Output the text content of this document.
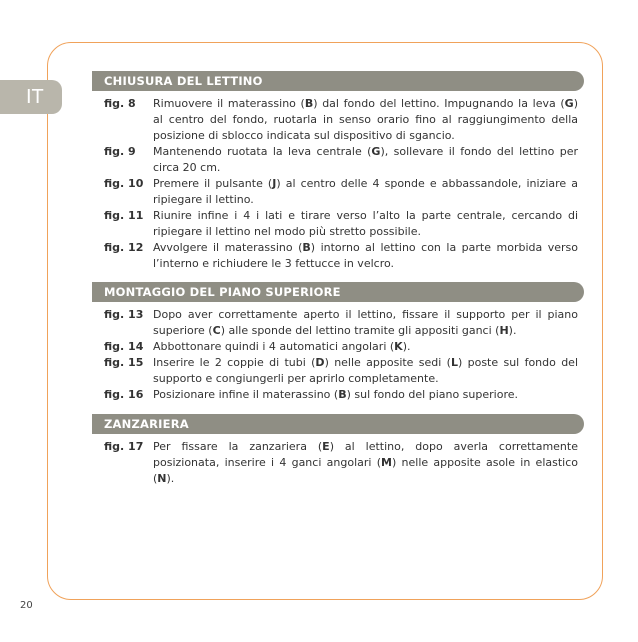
IT
CHIUSURA DEL LETTINO
fig. 8	Rimuovere il materassino (B) dal fondo del lettino. Impugnando la leva (G) al centro del fondo, ruotarla in senso orario fino al raggiungimento della posizione di sblocco indicata sul dispositivo di sgancio.
fig. 9	Mantenendo ruotata la leva centrale (G), sollevare il fondo del lettino per circa 20 cm.
fig. 10 Premere il pulsante (J) al centro delle 4 sponde e abbassandole, iniziare a ripiegare il lettino.
fig. 11 Riunire infine i 4 i lati e tirare verso l’alto la parte centrale, cercando di ripiegare il lettino nel modo più stretto possibile.
fig. 12 Avvolgere il materassino (B) intorno al lettino con la parte morbida verso l’interno e richiudere le 3 fettucce in velcro.
MONTAGGIO DEL PIANO SUPERIORE
fig. 13 Dopo aver correttamente aperto il lettino, fissare il supporto per il piano superiore (C) alle sponde del lettino tramite gli appositi ganci (H).
fig. 14 Abbottonare quindi i 4 automatici angolari (K).
fig. 15 Inserire le 2 coppie di tubi (D) nelle apposite sedi (L) poste sul fondo del supporto e congiungerli per aprirlo completamente.
fig. 16 Posizionare infine il materassino (B) sul fondo del piano superiore.
ZANZARIERA
fig. 17 Per fissare la zanzariera (E) al lettino, dopo averla correttamente posizionata, inserire i 4 ganci angolari (M) nelle apposite asole in elastico (N).
20
